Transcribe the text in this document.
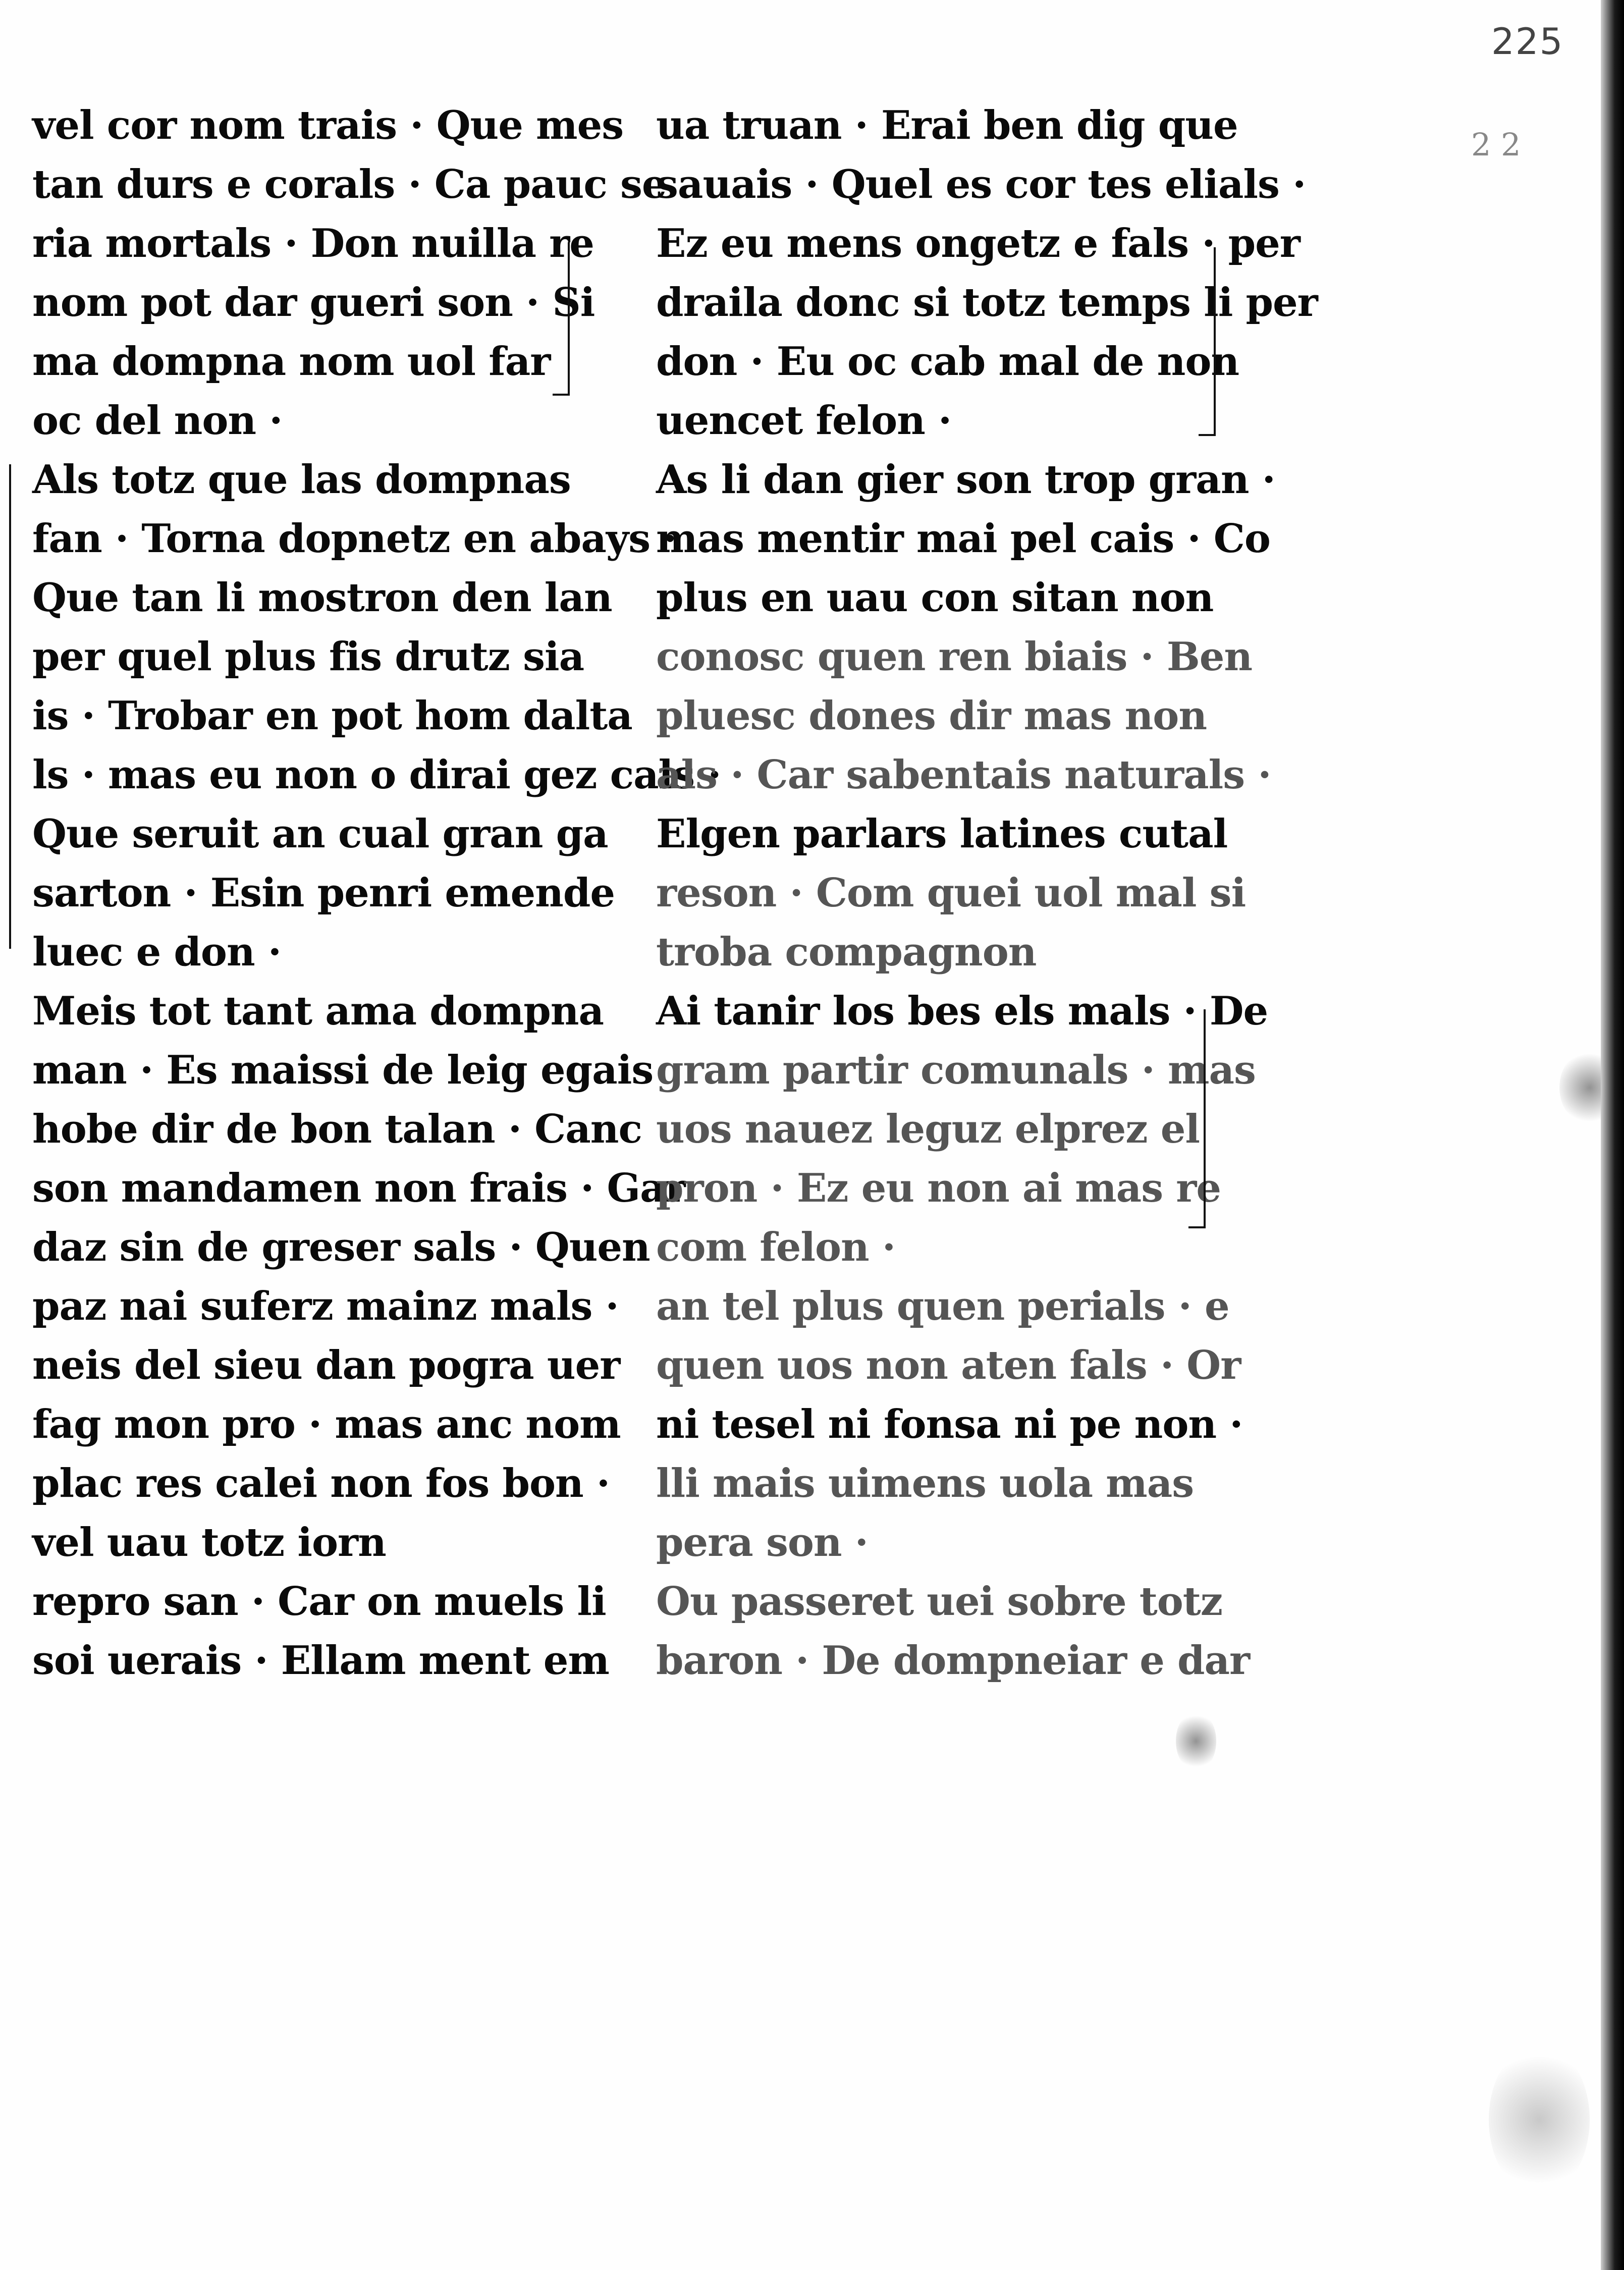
225
2 2
vel cor nom trais · Que mes
tan durs e corals · Ca pauc se
ria mortals · Don nuilla re
nom pot dar gueri son · Si
ma dompna nom uol far
oc del non ·
Als totz que las dompnas
fan · Torna dopnetz en abays ·
Que tan li mostron den lan
per quel plus fis drutz sia
is · Trobar en pot hom dalta
ls · mas eu non o dirai gez cals ·
Que seruit an cual gran ga
sarton · Esin penri emende
luec e don ·
Meis tot tant ama dompna
man · Es maissi de leig egais
hobe dir de bon talan · Canc
son mandamen non frais · Gar
daz sin de greser sals · Quen
paz nai suferz mainz mals ·
neis del sieu dan pogra uer
fag mon pro · mas anc nom
plac res calei non fos bon ·
vel uau totz iorn
repro san · Car on muels li
soi uerais · Ellam ment em
ua truan · Erai ben dig que
sauais · Quel es cor tes elials ·
Ez eu mens ongetz e fals · per
draila donc si totz temps li per
don · Eu oc cab mal de non
uencet felon ·
As li dan gier son trop gran ·
mas mentir mai pel cais · Co
plus en uau con sitan non
conosc quen ren biais · Ben
pluesc dones dir mas non
als · Car sabentais naturals ·
Elgen parlars latines cutal
reson · Com quei uol mal si
troba compagnon
Ai tanir los bes els mals · De
gram partir comunals · mas
uos nauez leguz elprez el
pron · Ez eu non ai mas re
com felon ·
an tel plus quen perials · e
quen uos non aten fals · Or
ni tesel ni fonsa ni pe non ·
lli mais uimens uola mas
pera son ·
Ou passeret uei sobre totz
baron · De dompneiar e dar
